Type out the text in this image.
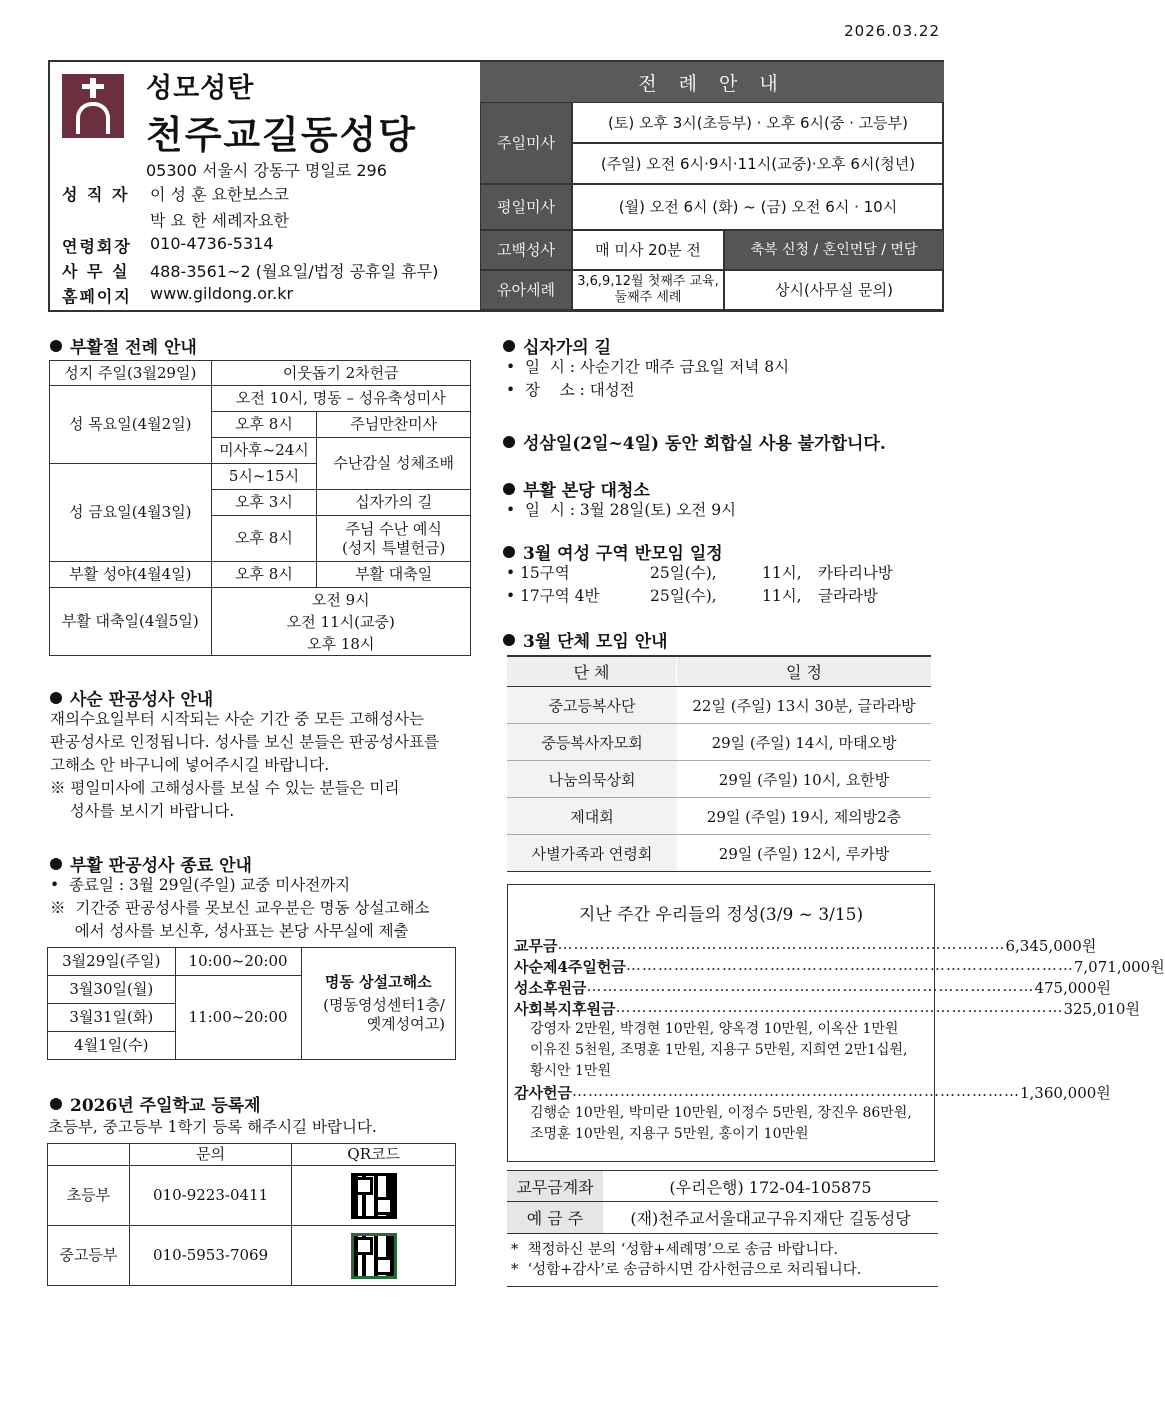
2026.03.22
성모성탄
천주교길동성당
05300 서울시 강동구 명일로 296
성 직 자	이 성 훈 요한보스코
박 요 한 세례자요한
연령회장	010-4736-5314
사 무 실	488-3561~2 (월요일/법정 공휴일 휴무)
홈페이지	www.gildong.or.kr
전 례 안 내
주일미사
(토) 오후 3시(초등부) · 오후 6시(중 · 고등부)
(주일) 오전 6시·9시·11시(교중)·오후 6시(청년)
평일미사	(월) 오전 6시 (화) ~ (금) 오전 6시 · 10시
고백성사	매 미사 20분 전	축복 신청 / 혼인면담 / 면담
유아세례	3,6,9,12월 첫째주 교육, 둘째주 세례	상시(사무실 문의)
부활절 전례 안내
성지 주일(3월29일)	이웃돕기 2차헌금	
성 목요일(4월2일)	오전 10시, 명동 – 성유축성미사	
	오후 8시	주님만찬미사
	미사후~24시	수난감실 성체조배
성 금요일(4월3일)	5시~15시	
	오후 3시	십자가의 길
	오후 8시	주님 수난 예식
(성지 특별헌금)
부활 성야(4월4일)	오후 8시	부활 대축일
부활 대축일(4월5일)	오전 9시
오전 11시(교중)
오후 18시	
사순 판공성사 안내
재의수요일부터 시작되는 사순 기간 중 모든 고해성사는
판공성사로 인정됩니다. 성사를 보신 분들은 판공성사표를
고해소 안 바구니에 넣어주시길 바랍니다.
※ 평일미사에 고해성사를 보실 수 있는 분들은 미리
성사를 보시기 바랍니다.
부활 판공성사 종료 안내
•  종료일 : 3월 29일(주일) 교중 미사전까지
※  기간중 판공성사를 못보신 교우분은 명동 상설고해소
에서 성사를 보신후, 성사표는 본당 사무실에 제출
3월29일(주일)	10:00~20:00	명동 상설고해소
(명동영성센터1층/
옛계성여고)

3월30일(월)	11:00~20:00	
3월31일(화)		
4월1일(수)		
2026년 주일학교 등록제
초등부, 중고등부 1학기 등록 해주시길 바랍니다.
	문의	QR코드
초등부	010-9223-0411	

중고등부	010-5953-7069	
십자가의 길
•  일  시 : 사순기간 매주 금요일 저녁 8시
•  장    소 : 대성전
성삼일(2일~4일) 동안 회합실 사용 불가합니다.
부활 본당 대청소
•  일  시 : 3월 28일(토) 오전 9시
3월 여성 구역 반모임 일정
• 15구역	25일(수),	11시,	카타리나방
• 17구역 4반	25일(수),	11시,	글라라방
3월 단체 모임 안내
단 체	일 정
중고등복사단	22일 (주일) 13시 30분, 글라라방
중등복사자모회	29일 (주일) 14시, 마태오방
나눔의묵상회	29일 (주일) 10시, 요한방
제대회	29일 (주일) 19시, 제의방2층
사별가족과 연령회	29일 (주일) 12시, 루카방
지난 주간 우리들의 정성(3/9 ~ 3/15)
교무금 ………………………………………………………………………… 6,345,000원
사순제4주일헌금 ………………………………………………………………………… 7,071,000원
성소후원금 ………………………………………………………………………… 475,000원
사회복지후원금 ………………………………………………………………………… 325,010원
강영자 2만원, 박경현 10만원, 양옥경 10만원, 이옥산 1만원
이유진 5천원, 조명훈 1만원, 지용구 5만원, 지희연 2만1십원,
황시안 1만원
감사헌금 ………………………………………………………………………… 1,360,000원
김행순 10만원, 박미란 10만원, 이정수 5만원, 장진우 86만원,
조명훈 10만원, 지용구 5만원, 홍이기 10만원
교무금계좌	(우리은행) 172-04-105875
예 금 주	(재)천주교서울대교구유지재단 길동성당
*  책정하신 분의 ‘성함+세례명’으로 송금 바랍니다.
*  ‘성함+감사’로 송금하시면 감사헌금으로 처리됩니다.
